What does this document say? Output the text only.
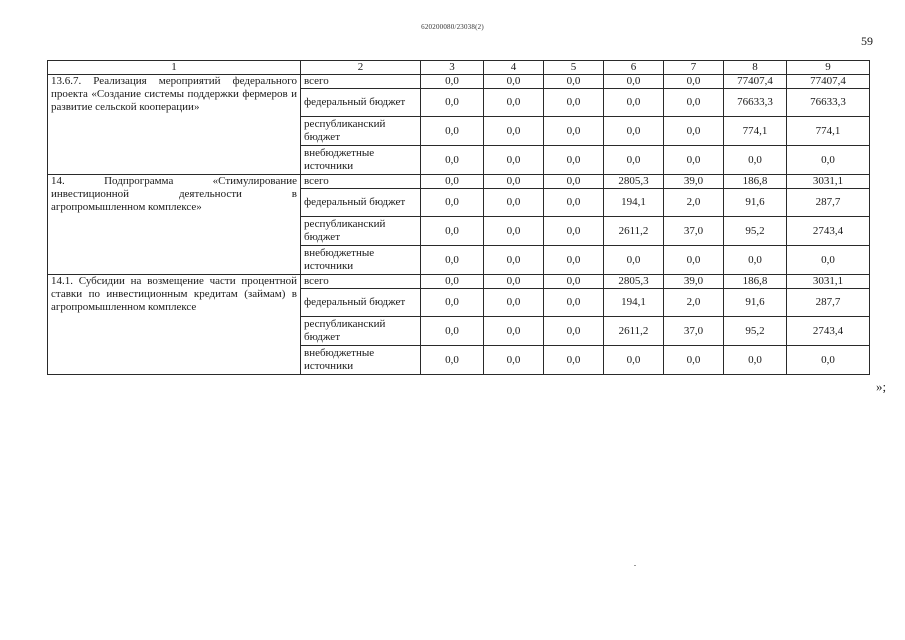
620200080/23038(2)
59
1	2	3	4	5	6	7	8	9
13.6.7. Реализация мероприятий федерального проекта «Создание системы поддержки фермеров и развитие сельской кооперации»	всего	0,0	0,0	0,0	0,0	0,0	77407,4	77407,4
	федеральный бюджет	0,0	0,0	0,0	0,0	0,0	76633,3	76633,3
	республиканский бюджет	0,0	0,0	0,0	0,0	0,0	774,1	774,1
	внебюджетные источники	0,0	0,0	0,0	0,0	0,0	0,0	0,0
14. Подпрограмма «Стимулирование инвестиционной деятельности в агропромышленном комплексе»	всего	0,0	0,0	0,0	2805,3	39,0	186,8	3031,1
	федеральный бюджет	0,0	0,0	0,0	194,1	2,0	91,6	287,7
	республиканский бюджет	0,0	0,0	0,0	2611,2	37,0	95,2	2743,4
	внебюджетные источники	0,0	0,0	0,0	0,0	0,0	0,0	0,0
14.1. Субсидии на возмещение части процентной ставки по инвестиционным кредитам (займам) в агропромышленном комплексе	всего	0,0	0,0	0,0	2805,3	39,0	186,8	3031,1
	федеральный бюджет	0,0	0,0	0,0	194,1	2,0	91,6	287,7
	республиканский бюджет	0,0	0,0	0,0	2611,2	37,0	95,2	2743,4
	внебюджетные источники	0,0	0,0	0,0	0,0	0,0	0,0	0,0
»;
